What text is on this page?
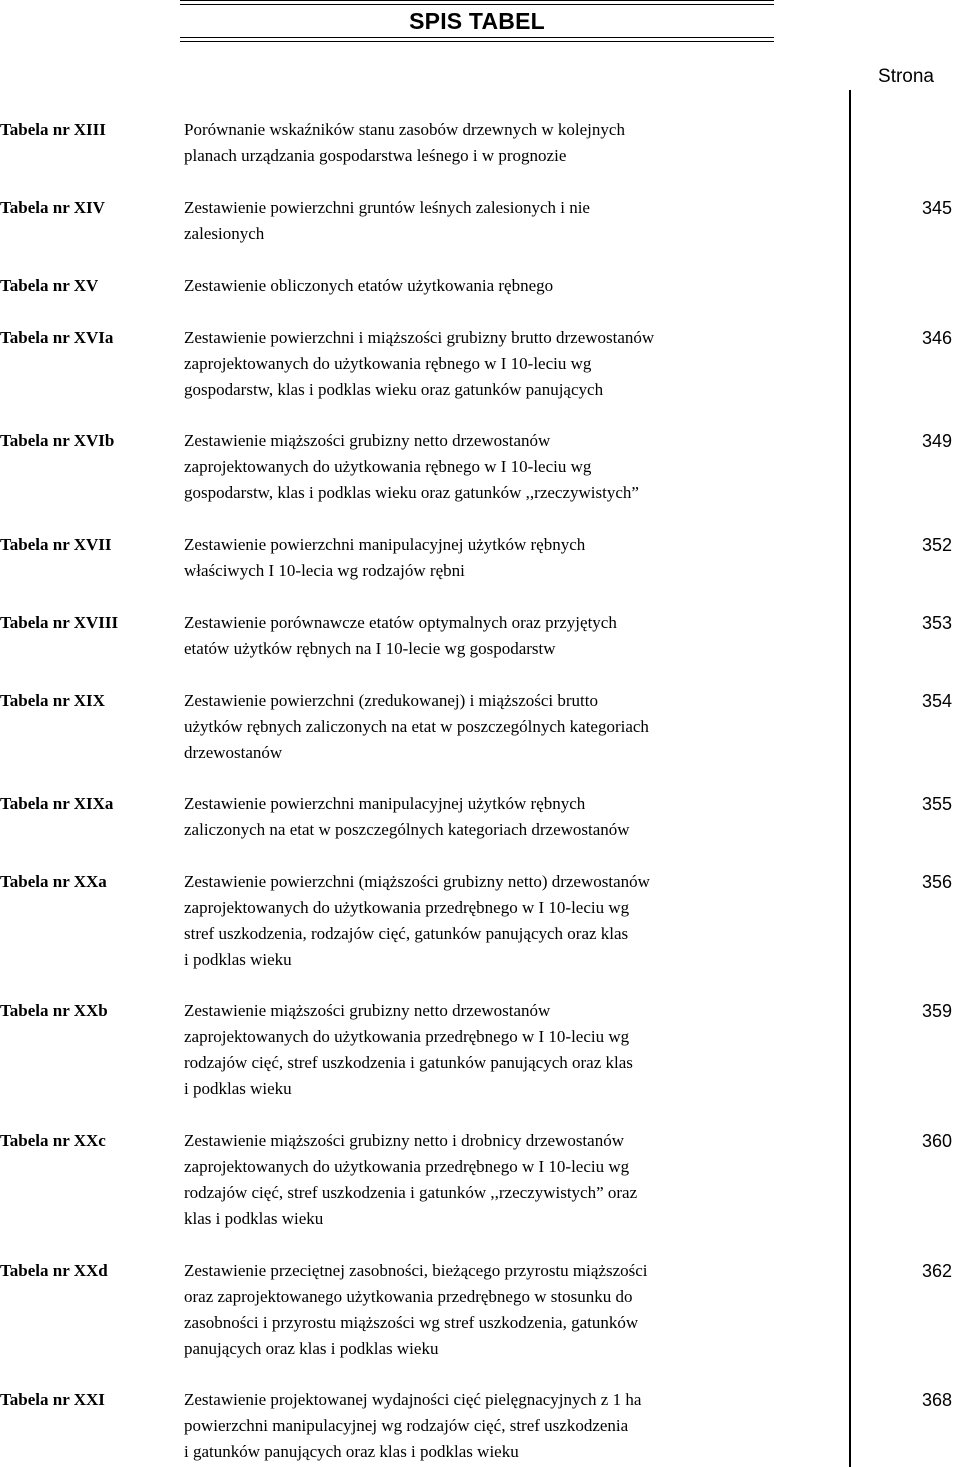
SPIS TABEL
Strona
Tabela nr XIII	Porównanie wskaźników stanu zasobów drzewnych w kolejnych
planach urządzania gospodarstwa leśnego i w prognozie
Tabela nr XIV	Zestawienie powierzchni gruntów leśnych zalesionych i nie
zalesionych
345
Tabela nr XV	Zestawienie obliczonych etatów użytkowania rębnego
Tabela nr XVIa	Zestawienie powierzchni i miąższości grubizny brutto drzewostanów
zaprojektowanych do użytkowania rębnego w I 10-leciu wg
gospodarstw, klas i podklas wieku oraz gatunków panujących
346
Tabela nr XVIb	Zestawienie miąższości grubizny netto drzewostanów
zaprojektowanych do użytkowania rębnego w I 10-leciu wg
gospodarstw, klas i podklas wieku oraz gatunków ,,rzeczywistych”
349
Tabela nr XVII	Zestawienie powierzchni manipulacyjnej użytków rębnych
właściwych I 10-lecia wg rodzajów rębni
352
Tabela nr XVIII	Zestawienie porównawcze etatów optymalnych oraz przyjętych
etatów użytków rębnych na I 10-lecie wg gospodarstw
353
Tabela nr XIX	Zestawienie powierzchni (zredukowanej) i miąższości brutto
użytków rębnych zaliczonych na etat w poszczególnych kategoriach
drzewostanów
354
Tabela nr XIXa	Zestawienie powierzchni manipulacyjnej użytków rębnych
zaliczonych na etat w poszczególnych kategoriach drzewostanów
355
Tabela nr XXa	Zestawienie powierzchni (miąższości grubizny netto) drzewostanów
zaprojektowanych do użytkowania przedrębnego w I 10-leciu wg
stref uszkodzenia, rodzajów cięć, gatunków panujących oraz klas
i podklas wieku
356
Tabela nr XXb	Zestawienie miąższości grubizny netto drzewostanów
zaprojektowanych do użytkowania przedrębnego w I 10-leciu wg
rodzajów cięć, stref uszkodzenia i gatunków panujących oraz klas
i podklas wieku
359
Tabela nr XXc	Zestawienie miąższości grubizny netto i drobnicy drzewostanów
zaprojektowanych do użytkowania przedrębnego w I 10-leciu wg
rodzajów cięć, stref uszkodzenia i gatunków ,,rzeczywistych” oraz
klas i podklas wieku
360
Tabela nr XXd	Zestawienie przeciętnej zasobności, bieżącego przyrostu miąższości
oraz zaprojektowanego użytkowania przedrębnego w stosunku do
zasobności i przyrostu miąższości wg stref uszkodzenia, gatunków
panujących oraz klas i podklas wieku
362
Tabela nr XXI	Zestawienie projektowanej wydajności cięć pielęgnacyjnych z 1 ha
powierzchni manipulacyjnej wg rodzajów cięć, stref uszkodzenia
i gatunków panujących oraz klas i podklas wieku
368
